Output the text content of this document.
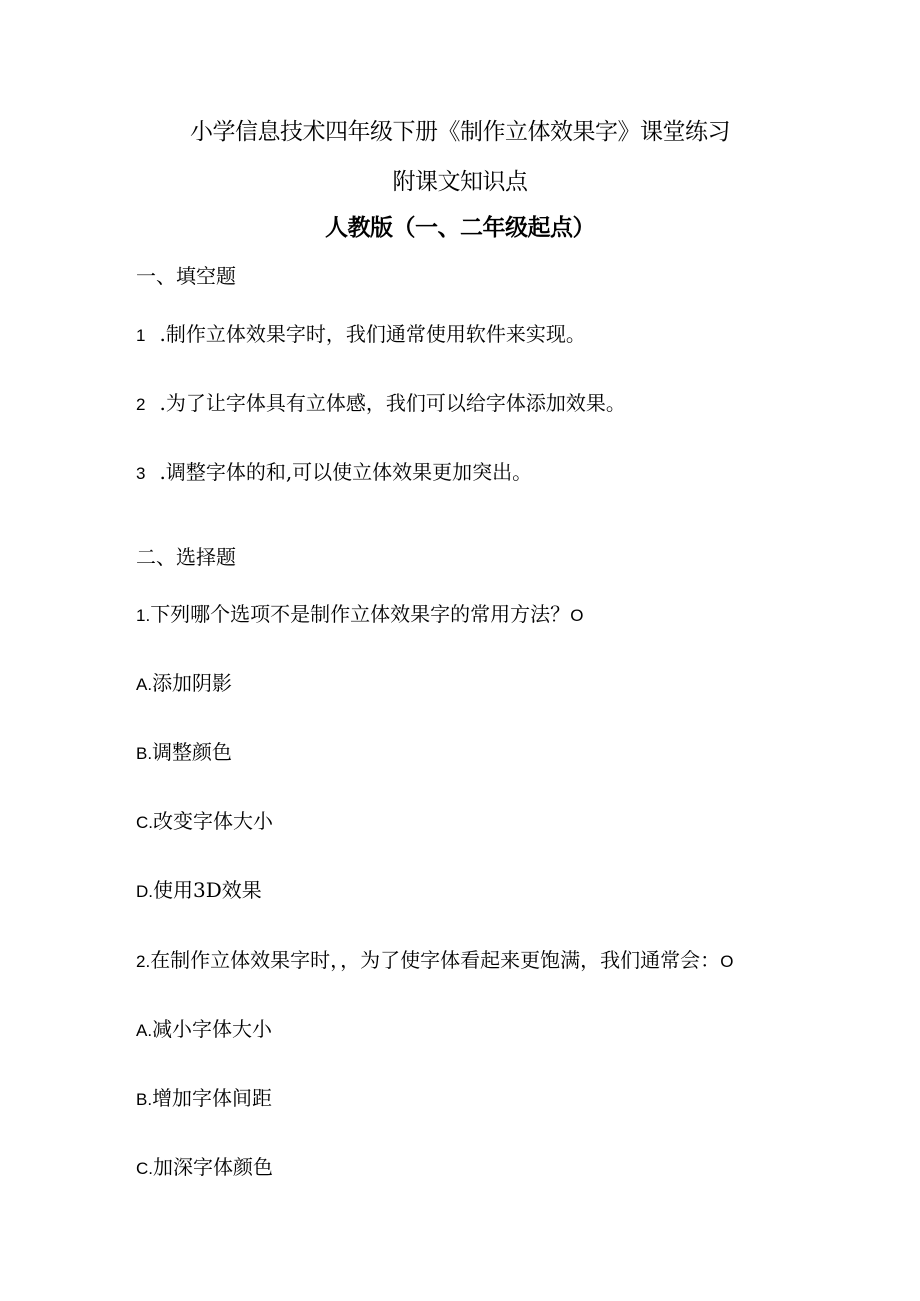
小学信息技术四年级下册《制作立体效果字》课堂练习
附课文知识点
人教版（一、二年级起点）
一、填空题
1 .制作立体效果字时，我们通常使用软件来实现。
2 .为了让字体具有立体感，我们可以给字体添加效果。
3 .调整字体的和,可以使立体效果更加突出。
二、选择题
1.下列哪个选项不是制作立体效果字的常用方法？O
A.添加阴影
B.调整颜色
C.改变字体大小
D.使用3D效果
2.在制作立体效果字时，，为了使字体看起来更饱满，我们通常会：O
A.减小字体大小
B.增加字体间距
C.加深字体颜色
